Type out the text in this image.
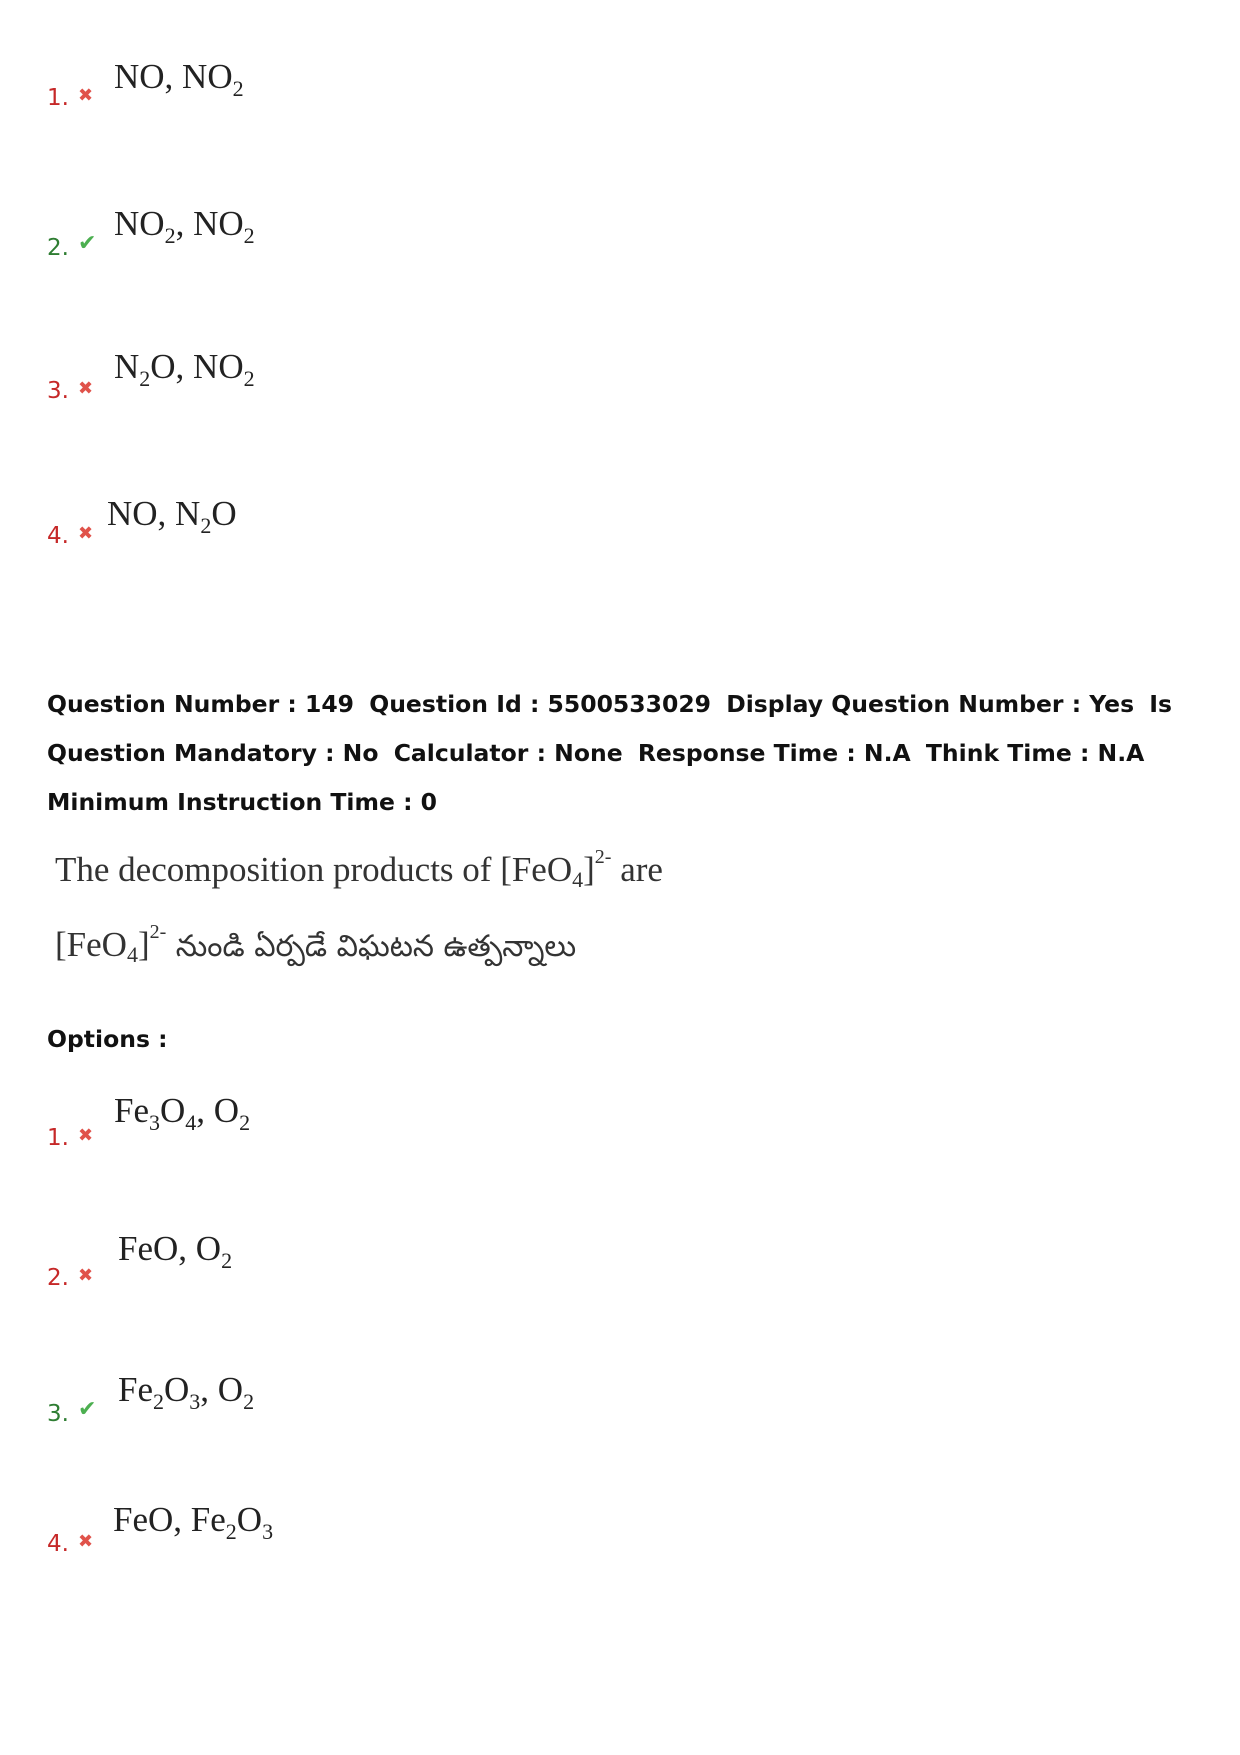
1. ✖ NO, $NO_2$
2. ✔
$NO_2$, $NO_2$
3. ✖
$N_2O$, $NO_2$
4. ✖
NO, $N_2O$
Question Number : 149 Question Id : 5500533029 Display Question Number : Yes Is Question Mandatory : No Calculator : None Response Time : N.A Think Time : N.A Minimum Instruction Time : 0
The decomposition products of $[FeO_4]^{2-}$ are
$[FeO_4]^{2-}$ నుండి ఏర్పడే విఘటన ఉత్పన్నాలు
Options :
1. ✖
$Fe_3O_4$, $O_2$
2. ✖
FeO, $O_2$
3. ✔
$Fe_2O_3$, $O_2$
4. ✖
FeO, $Fe_2O_3$
